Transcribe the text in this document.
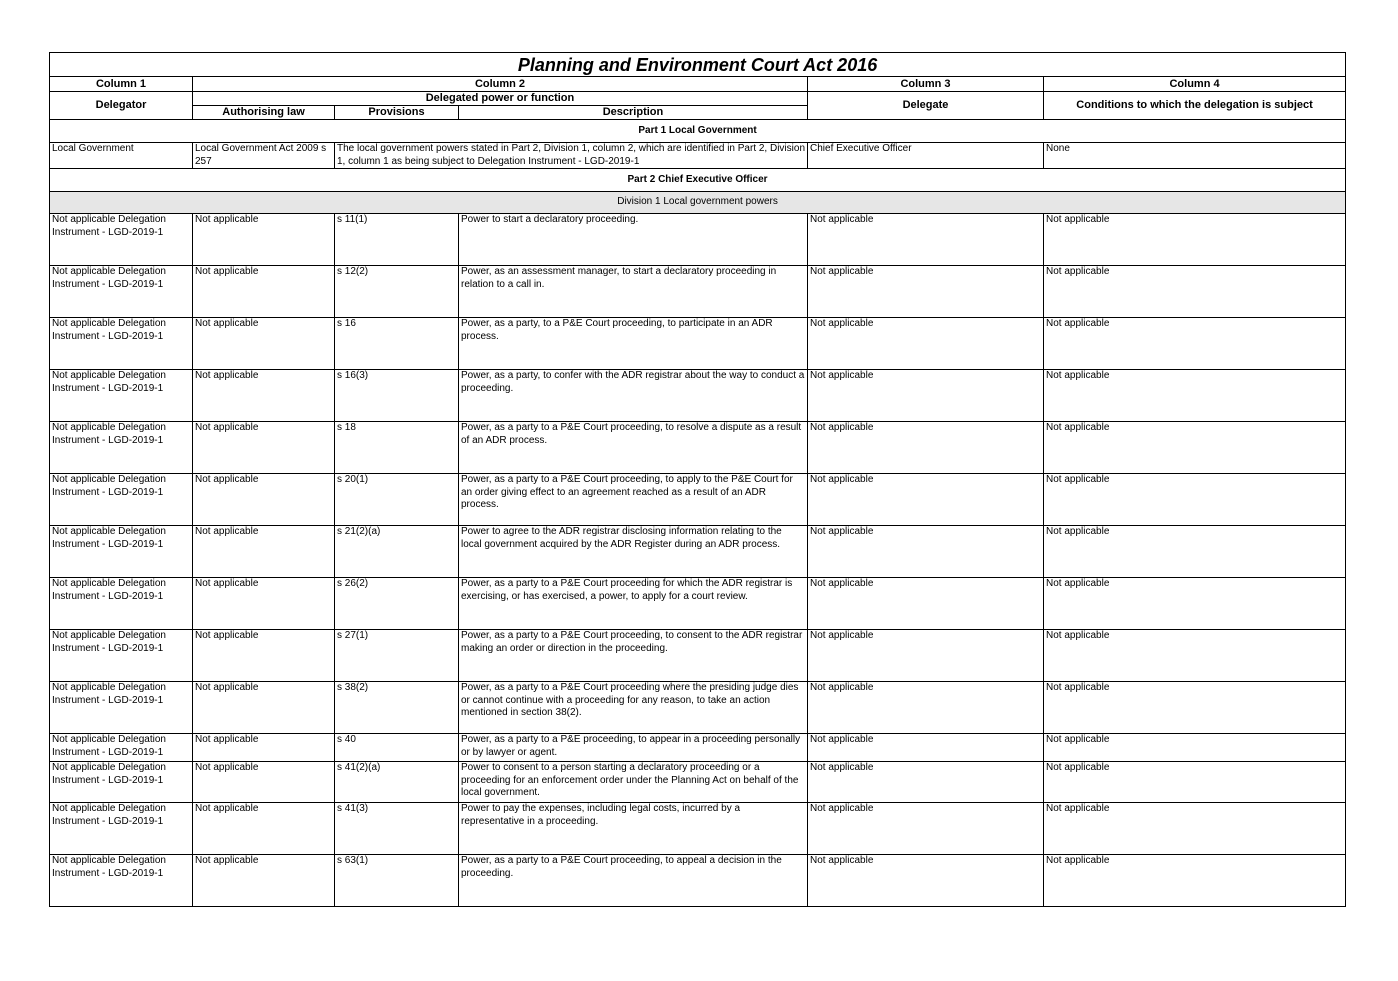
Planning and Environment Court Act 2016					
Column 1	Column 2			Column 3	Column 4
Delegator	Delegated power or function			Delegate	Conditions to which the delegation is subject
	Authorising law	Provisions	Description		
Part 1 Local Government					
Local Government	Local Government Act 2009 s 257	The local government powers stated in Part 2, Division 1, column 2, which are identified in Part 2, Division 1, column 1 as being subject to Delegation Instrument - LGD-2019-1		Chief Executive Officer	None
Part 2 Chief Executive Officer					
Division 1 Local government powers					
Not applicable Delegation Instrument - LGD-2019-1	Not applicable	s 11(1)	Power to start a declaratory proceeding.	Not applicable	Not applicable
Not applicable Delegation Instrument - LGD-2019-1	Not applicable	s 12(2)	Power, as an assessment manager, to start a declaratory proceeding in relation to a call in.	Not applicable	Not applicable
Not applicable Delegation Instrument - LGD-2019-1	Not applicable	s 16	Power, as a party, to a P&E Court proceeding, to participate in an ADR process.	Not applicable	Not applicable
Not applicable Delegation Instrument - LGD-2019-1	Not applicable	s 16(3)	Power, as a party, to confer with the ADR registrar about the way to conduct a proceeding.	Not applicable	Not applicable
Not applicable Delegation Instrument - LGD-2019-1	Not applicable	s 18	Power, as a party to a P&E Court proceeding, to resolve a dispute as a result of an ADR process.	Not applicable	Not applicable
Not applicable Delegation Instrument - LGD-2019-1	Not applicable	s 20(1)	Power, as a party to a P&E Court proceeding, to apply to the P&E Court for an order giving effect to an agreement reached as a result of an ADR process.	Not applicable	Not applicable
Not applicable Delegation Instrument - LGD-2019-1	Not applicable	s 21(2)(a)	Power to agree to the ADR registrar disclosing information relating to the local government acquired by the ADR Register during an ADR process.	Not applicable	Not applicable
Not applicable Delegation Instrument - LGD-2019-1	Not applicable	s 26(2)	Power, as a party to a P&E Court proceeding for which the ADR registrar is exercising, or has exercised, a power, to apply for a court review.	Not applicable	Not applicable
Not applicable Delegation Instrument - LGD-2019-1	Not applicable	s 27(1)	Power, as a party to a P&E Court proceeding, to consent to the ADR registrar making an order or direction in the proceeding.	Not applicable	Not applicable
Not applicable Delegation Instrument - LGD-2019-1	Not applicable	s 38(2)	Power, as a party to a P&E Court proceeding where the presiding judge dies or cannot continue with a proceeding for any reason, to take an action mentioned in section 38(2).	Not applicable	Not applicable
Not applicable Delegation Instrument - LGD-2019-1	Not applicable	s 40	Power, as a party to a P&E proceeding, to appear in a proceeding personally or by lawyer or agent.	Not applicable	Not applicable
Not applicable Delegation Instrument - LGD-2019-1	Not applicable	s 41(2)(a)	Power to consent to a person starting a declaratory proceeding or a proceeding for an enforcement order under the Planning Act on behalf of the local government.	Not applicable	Not applicable
Not applicable Delegation Instrument - LGD-2019-1	Not applicable	s 41(3)	Power to pay the expenses, including legal costs, incurred by a representative in a proceeding.	Not applicable	Not applicable
Not applicable Delegation Instrument - LGD-2019-1	Not applicable	s 63(1)	Power, as a party to a P&E Court proceeding, to appeal a decision in the proceeding.	Not applicable	Not applicable
